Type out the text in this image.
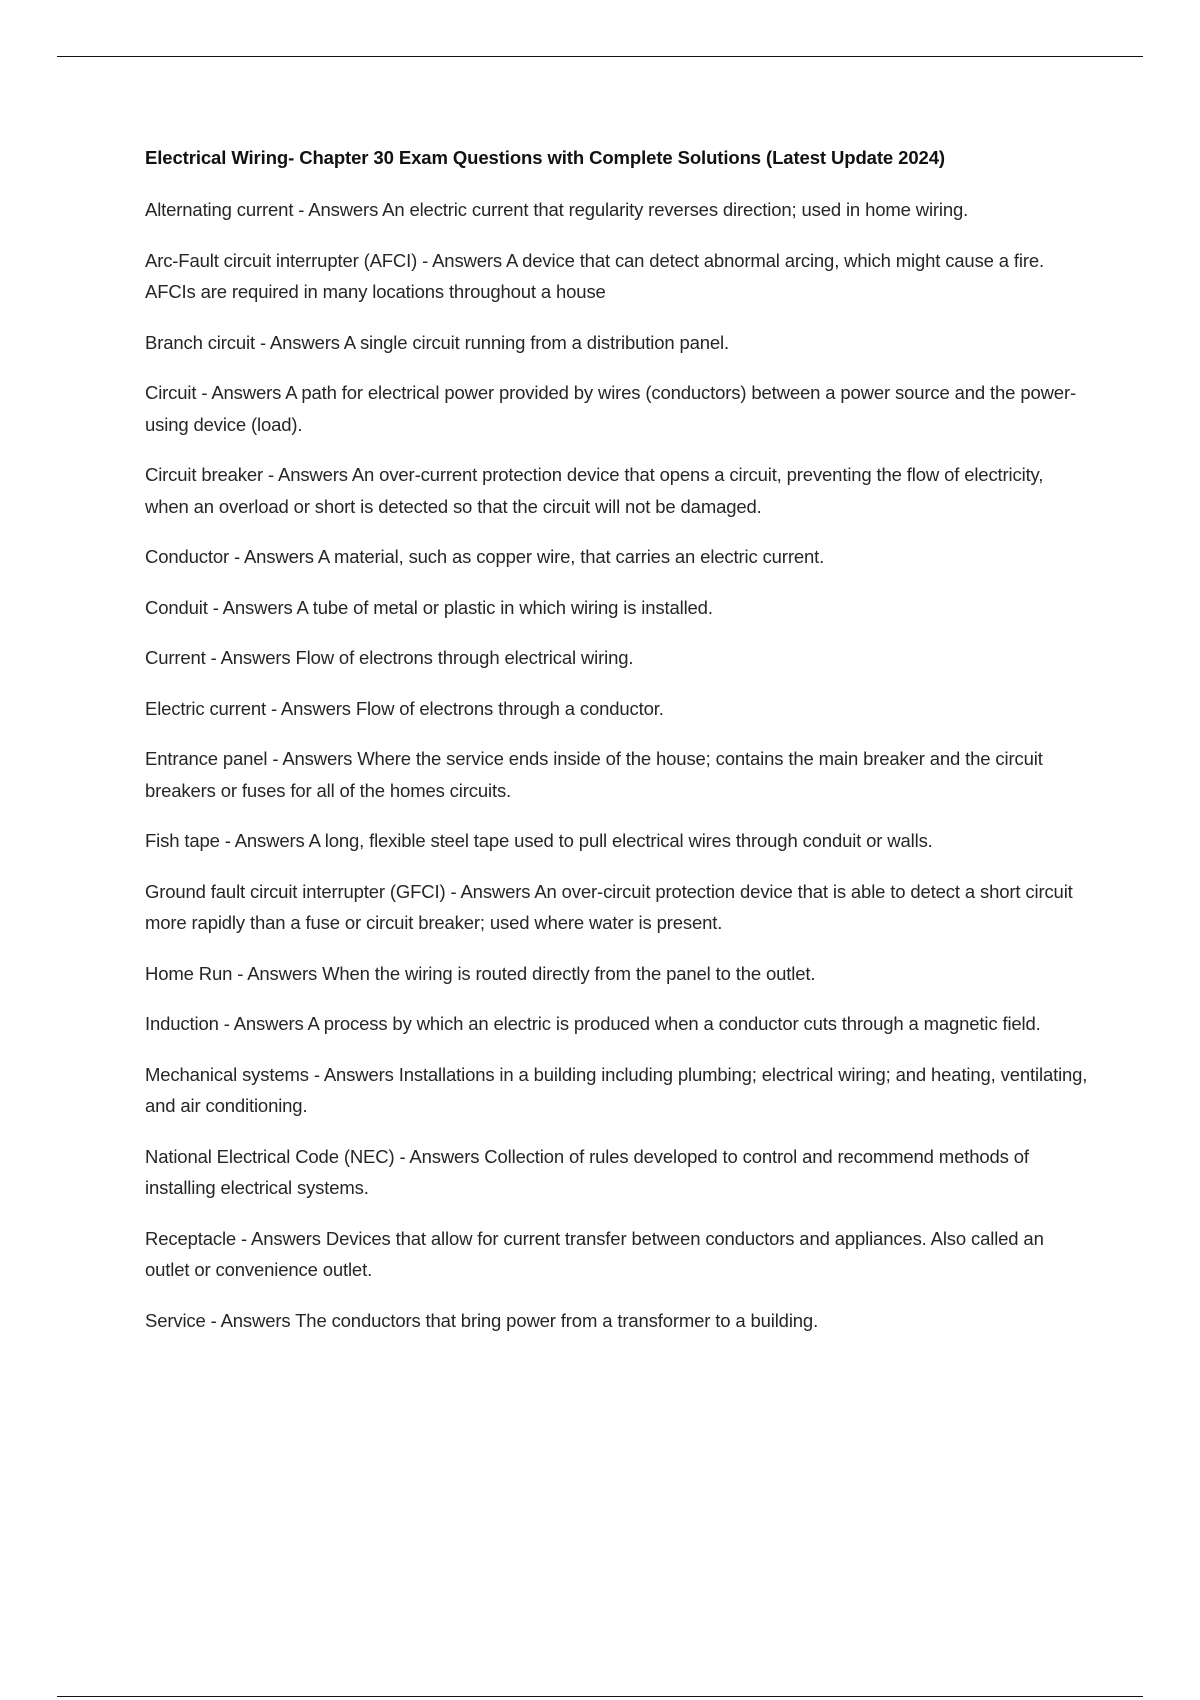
Electrical Wiring- Chapter 30 Exam Questions with Complete Solutions (Latest Update 2024)

Alternating current - Answers An electric current that regularity reverses direction; used in home wiring.

Arc-Fault circuit interrupter (AFCI) - Answers A device that can detect abnormal arcing, which might cause a fire. AFCIs are required in many locations throughout a house

Branch circuit - Answers A single circuit running from a distribution panel.

Circuit - Answers A path for electrical power provided by wires (conductors) between a power source and the power-using device (load).

Circuit breaker - Answers An over-current protection device that opens a circuit, preventing the flow of electricity, when an overload or short is detected so that the circuit will not be damaged.

Conductor - Answers A material, such as copper wire, that carries an electric current.

Conduit - Answers A tube of metal or plastic in which wiring is installed.

Current - Answers Flow of electrons through electrical wiring.

Electric current - Answers Flow of electrons through a conductor.

Entrance panel - Answers Where the service ends inside of the house; contains the main breaker and the circuit breakers or fuses for all of the homes circuits.

Fish tape - Answers A long, flexible steel tape used to pull electrical wires through conduit or walls.

Ground fault circuit interrupter (GFCI) - Answers An over-circuit protection device that is able to detect a short circuit more rapidly than a fuse or circuit breaker; used where water is present.

Home Run - Answers When the wiring is routed directly from the panel to the outlet.

Induction - Answers A process by which an electric is produced when a conductor cuts through a magnetic field.

Mechanical systems - Answers Installations in a building including plumbing; electrical wiring; and heating, ventilating, and air conditioning.

National Electrical Code (NEC) - Answers Collection of rules developed to control and recommend methods of installing electrical systems.

Receptacle - Answers Devices that allow for current transfer between conductors and appliances. Also called an outlet or convenience outlet.

Service - Answers The conductors that bring power from a transformer to a building.
